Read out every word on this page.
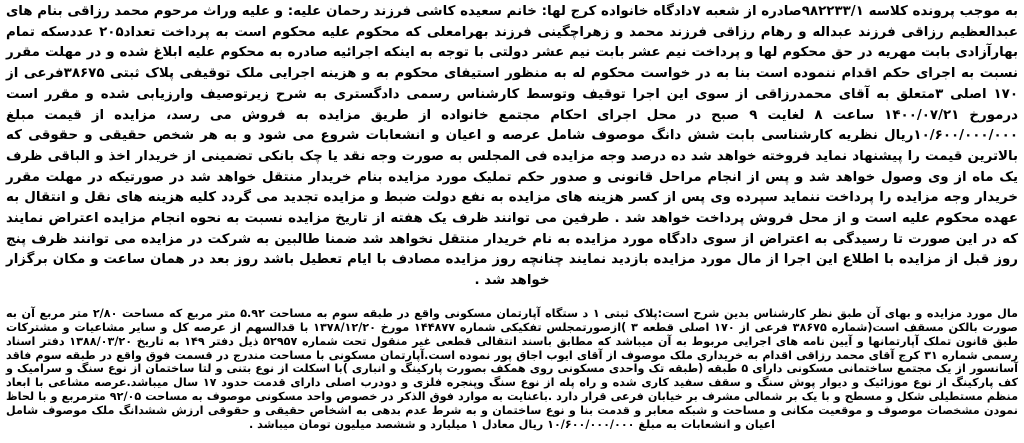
به موجب پرونده کلاسه ۹۸۲۲۳۳/۱صادره از شعبه ۷دادگاه خانواده کرج لها: خانم سعیده کاشی فرزند رحمان علیه: و علیه وراث مرحوم محمد رزاقی بنام های عبدالعظیم رزاقی فرزند عبداله و رهام رزاقی فرزند محمد و زهراچگینی فرزند بهرامعلی که محکوم علیه محکوم است به پرداخت تعداد۲۰۵ عددسکه تمام بهارآزادی بابت مهریه در حق محکوم لها و پرداخت نیم عشر بابت نیم عشر دولتی با توجه به اینکه اجرائیه صادره به محکوم علیه ابلاغ شده و در مهلت مقرر نسبت به اجرای حکم اقدام ننموده است بنا به در خواست محکوم له به منظور استیفای محکوم به و هزینه اجرایی ملک توقیفی پلاک ثبتی ۳۸۶۷۵فرعی از ۱۷۰ اصلی ۳متعلق به آقای محمدرزاقی از سوی این اجرا توقیف وتوسط کارشناس رسمی دادگستری به شرح زیرتوصیف وارزیابی شده و مقرر است درمورخ ۱۴۰۰/۰۷/۲۱ ساعت ۸ لغایت ۹ صبح در محل اجرای احکام مجتمع خانواده از طریق مزایده به فروش می رسد، مزایده از قیمت مبلغ ۱۰/۶۰۰/۰۰۰/۰۰۰ریال نظریه کارشناسی بابت شش دانگ موصوف شامل عرصه و اعیان و انشعابات شروع می شود و به هر شخص حقیقی و حقوقی که بالاترین قیمت را پیشنهاد نماید فروخته خواهد شد ده درصد وجه مزایده فی المجلس به صورت وجه نقد یا چک بانکی تضمینی از خریدار اخذ و الباقی ظرف یک ماه از وی وصول خواهد شد و پس از انجام مراحل قانونی و صدور حکم تملیک مورد مزایده بنام خریدار منتقل خواهد شد در صورتیکه در مهلت مقرر خریدار وجه مزایده را پرداخت ننماید سپرده وی پس از کسر هزینه های مزایده به نفع دولت ضبط و مزایده تجدید می گردد کلیه هزینه های نقل و انتقال به عهده محکوم علیه است و از محل فروش پرداخت خواهد شد . طرفین می توانند ظرف یک هفته از تاریخ مزایده نسبت به نحوه انجام مزایده اعتراض نمایند که در این صورت تا رسیدگی به اعتراض از سوی دادگاه مورد مزایده به نام خریدار منتقل نخواهد شد ضمنا طالبین به شرکت در مزایده می توانند ظرف پنج روز قبل از مزایده با اطلاع این اجرا از مال مورد مزایده بازدید نمایند چنانچه روز مزایده مصادف با ایام تعطیل باشد روز بعد در همان ساعت و مکان برگزار خواهد شد .

مال مورد مزایده و بهای آن طبق نظر کارشناس بدین شرح است:پلاک ثبتی ۱ د ستگاه آپارتمان مسکونی واقع در طبقه سوم به مساحت ۵.۹۲ متر مربع که مساحت ۲/۸۰ متر مربع آن به صورت بالکن مسقف است(شماره ۳۸۶۷۵ فرعی از ۱۷۰ اصلی قطعه ۳ )ازصورتمجلس تفکیکی شماره ۱۴۴۸۷۷ مورخ ۱۳۷۸/۱۲/۲۰ با قدالسهم از عرصه کل و سایر مشاعیات و مشترکات طبق قانون تملک آپارتمانها و آیین نامه های اجرایی مربوط به آن میباشد که مطابق باسند انتقالی قطعی غیر منقول تحت شماره ۵۲۹۵۷ ذیل دفتر ۱۴۹ به تاریخ ۱۳۸۸/۰۳/۲۰ دفتر اسناد رسمی شماره ۳۱ کرج آقای محمد رزاقی اقدام به خریداری ملک موصوف از آقای ایوب اجاق پور نموده است.آپارتمان مسکونی با مساحت مندرج در قسمت فوق واقع در طبقه سوم فاقد آسانسور از یک مجتمع ساختمانی مسکونی دارای ۵ طبقه (طبقه تک واحدی مسکونی روی همکف بصورت پارکینگ و انباری )با اسکلت از نوع بتنی و لتا ساختمان از نوع سنگ و سرامیک و کف پارکینگ از نوع موزائیک و دیوار پوش سنگ و سقف سفید کاری شده و راه پله از نوع سنگ وپنجره فلزی و دودرب اصلی دارای قدمت حدود ۱۷ سال میباشد.عرصه مشاعی با ابعاد منظم مستطیلی شکل و مسطح و با یک بر شمالی مشرف بر خیابان فرعی قرار دارد .باعنایت به موارد فوق الذکر در خصوص واحد مسکونی موصوف به مساحت ۹۲/۰۵ مترمربع و با لحاظ نمودن مشخصات موصوف و موقعیت مکانی و مساحت و شبکه معابر و قدمت بنا و نوع ساختمان و به شرط عدم بدهی به اشخاص حقیقی و حقوقی ارزش ششدانگ ملک موصوف شامل اعیان و انشعابات به مبلغ ۱۰/۶۰۰/۰۰۰/۰۰۰ ریال معادل ۱ میلیارد و ششصد میلیون تومان میباشد .
